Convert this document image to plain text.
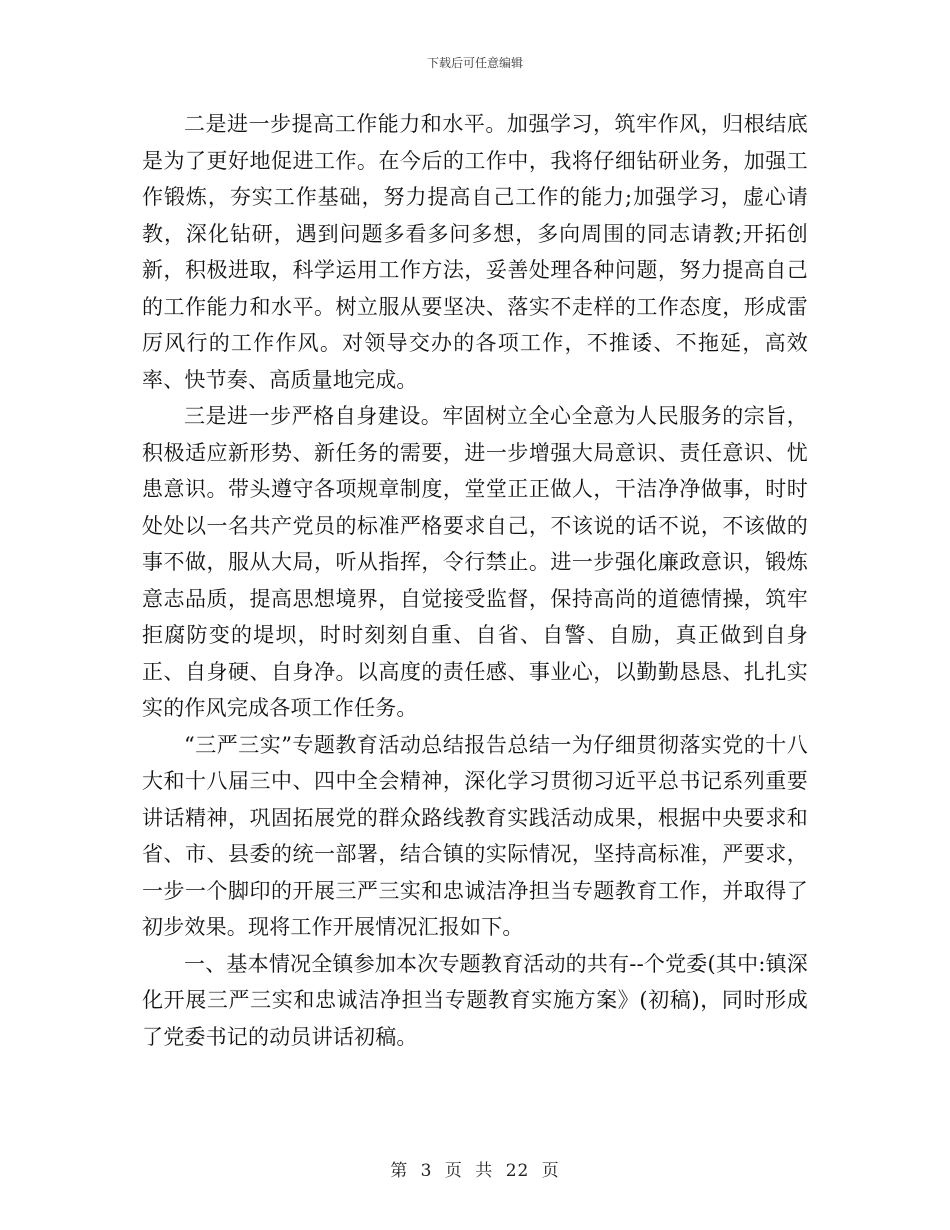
下载后可任意编辑

二是进一步提高工作能力和水平。加强学习，筑牢作风，归根结底是为了更好地促进工作。在今后的工作中，我将仔细钻研业务，加强工作锻炼，夯实工作基础，努力提高自己工作的能力;加强学习，虚心请教，深化钻研，遇到问题多看多问多想，多向周围的同志请教;开拓创新，积极进取，科学运用工作方法，妥善处理各种问题，努力提高自己的工作能力和水平。树立服从要坚决、落实不走样的工作态度，形成雷厉风行的工作作风。对领导交办的各项工作，不推诿、不拖延，高效率、快节奏、高质量地完成。

三是进一步严格自身建设。牢固树立全心全意为人民服务的宗旨，积极适应新形势、新任务的需要，进一步增强大局意识、责任意识、忧患意识。带头遵守各项规章制度，堂堂正正做人，干洁净净做事，时时处处以一名共产党员的标准严格要求自己，不该说的话不说，不该做的事不做，服从大局，听从指挥，令行禁止。进一步强化廉政意识，锻炼意志品质，提高思想境界，自觉接受监督，保持高尚的道德情操，筑牢拒腐防变的堤坝，时时刻刻自重、自省、自警、自励，真正做到自身正、自身硬、自身净。以高度的责任感、事业心，以勤勤恳恳、扎扎实实的作风完成各项工作任务。

“三严三实”专题教育活动总结报告总结一为仔细贯彻落实党的十八大和十八届三中、四中全会精神，深化学习贯彻习近平总书记系列重要讲话精神，巩固拓展党的群众路线教育实践活动成果，根据中央要求和省、市、县委的统一部署，结合镇的实际情况，坚持高标准，严要求，一步一个脚印的开展三严三实和忠诚洁净担当专题教育工作，并取得了初步效果。现将工作开展情况汇报如下。

一、基本情况全镇参加本次专题教育活动的共有--个党委(其中:镇深化开展三严三实和忠诚洁净担当专题教育实施方案》(初稿)，同时形成了党委书记的动员讲话初稿。

第 3 页 共 22 页
